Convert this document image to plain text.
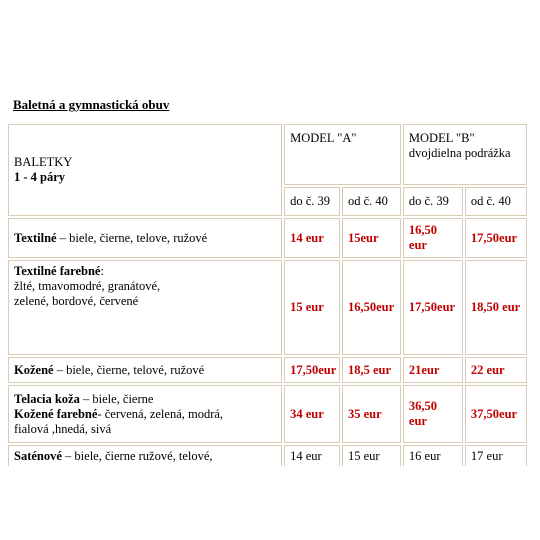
Baletná a gymnastická obuv
BALETKY
1 - 4 páry	MODEL "A"		MODEL "B"
dvojdielna podrážka	
	do č. 39	od č. 40	do č. 39	od č. 40
Textilné – biele, čierne, telove, ružové	14 eur	15eur	16,50 eur	17,50eur
Textilné farebné:
žlté, tmavomodré, granátové,
zelené, bordové, červené	15 eur	16,50eur	17,50eur	18,50 eur
Kožené – biele, čierne, telové, ružové	17,50eur	18,5 eur	21eur	22 eur
Telacia koža – biele, čierne
Kožené farebné- červená, zelená, modrá,
fialová ,hnedá, sivá	34 eur	35 eur	36,50 eur	37,50eur
Saténové – biele, čierne ružové, telové,	14 eur	15 eur	16 eur	17 eur
